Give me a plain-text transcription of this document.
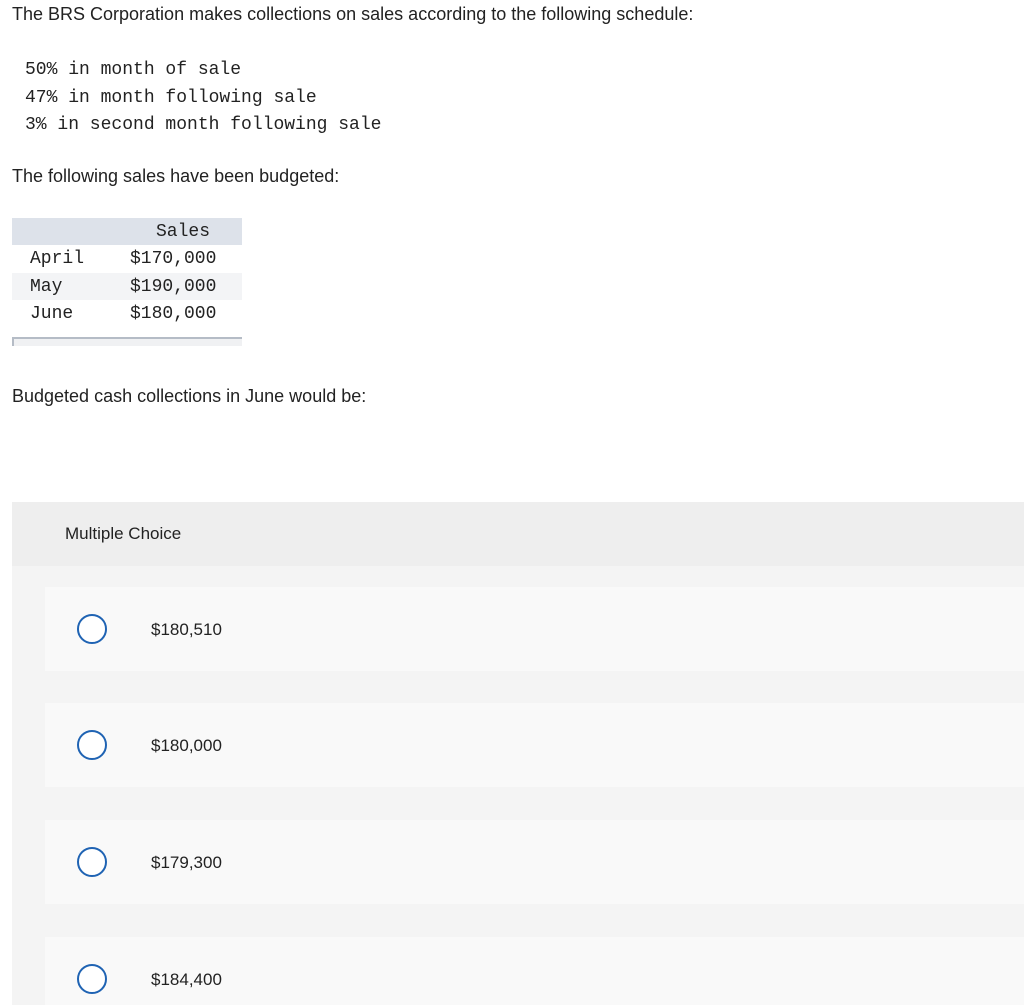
The BRS Corporation makes collections on sales according to the following schedule:

50% in month of sale
47% in month following sale
3% in second month following sale

The following sales have been budgeted:

Sales
April	$170,000
May	$190,000
June	$180,000

Budgeted cash collections in June would be:

Multiple Choice
$180,510
$180,000
$179,300
$184,400
